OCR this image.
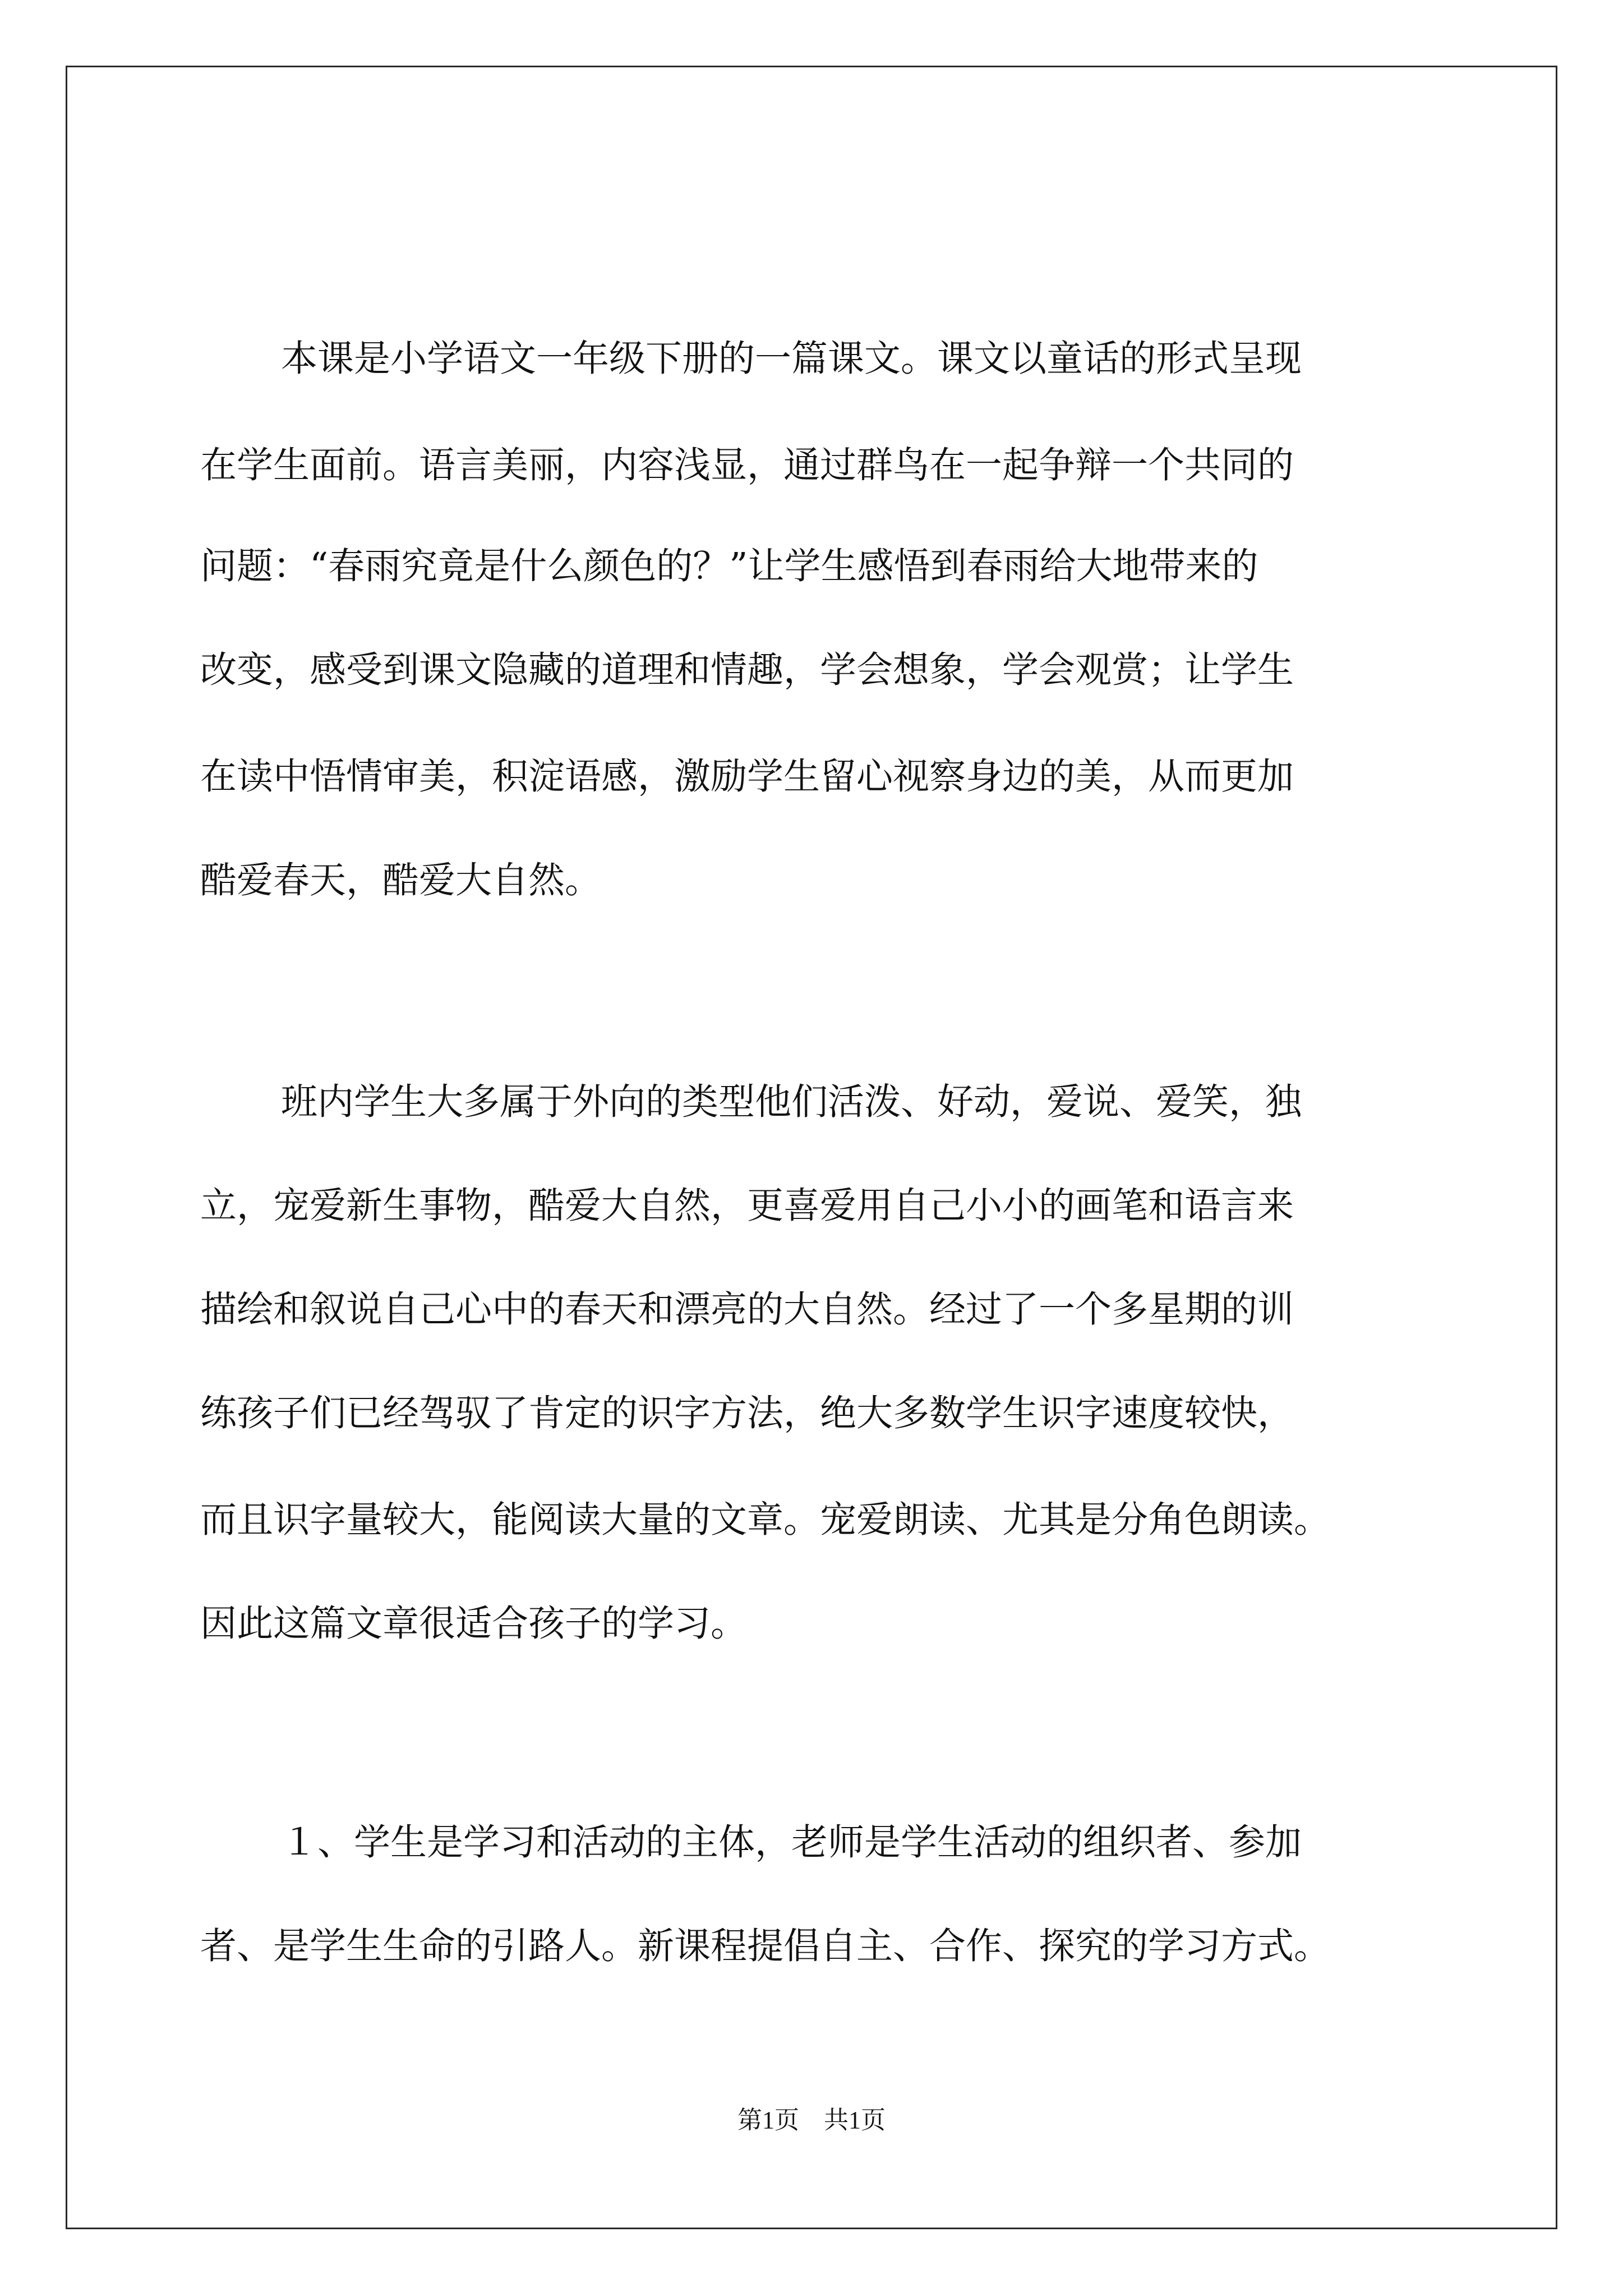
本课是小学语文一年级下册的一篇课文。课文以童话的形式呈现
在学生面前。语言美丽，内容浅显，通过群鸟在一起争辩一个共同的
问题：“春雨究竟是什么颜色的？”让学生感悟到春雨给大地带来的
改变，感受到课文隐藏的道理和情趣，学会想象，学会观赏；让学生
在读中悟情审美，积淀语感，激励学生留心视察身边的美，从而更加
酷爱春天，酷爱大自然。
班内学生大多属于外向的类型他们活泼、好动，爱说、爱笑，独
立，宠爱新生事物，酷爱大自然，更喜爱用自己小小的画笔和语言来
描绘和叙说自己心中的春天和漂亮的大自然。经过了一个多星期的训
练孩子们已经驾驭了肯定的识字方法，绝大多数学生识字速度较快，
而且识字量较大，能阅读大量的文章。宠爱朗读、尤其是分角色朗读。
因此这篇文章很适合孩子的学习。
１、学生是学习和活动的主体，老师是学生活动的组织者、参加
者、是学生生命的引路人。新课程提倡自主、合作、探究的学习方式。
第1页　共1页
